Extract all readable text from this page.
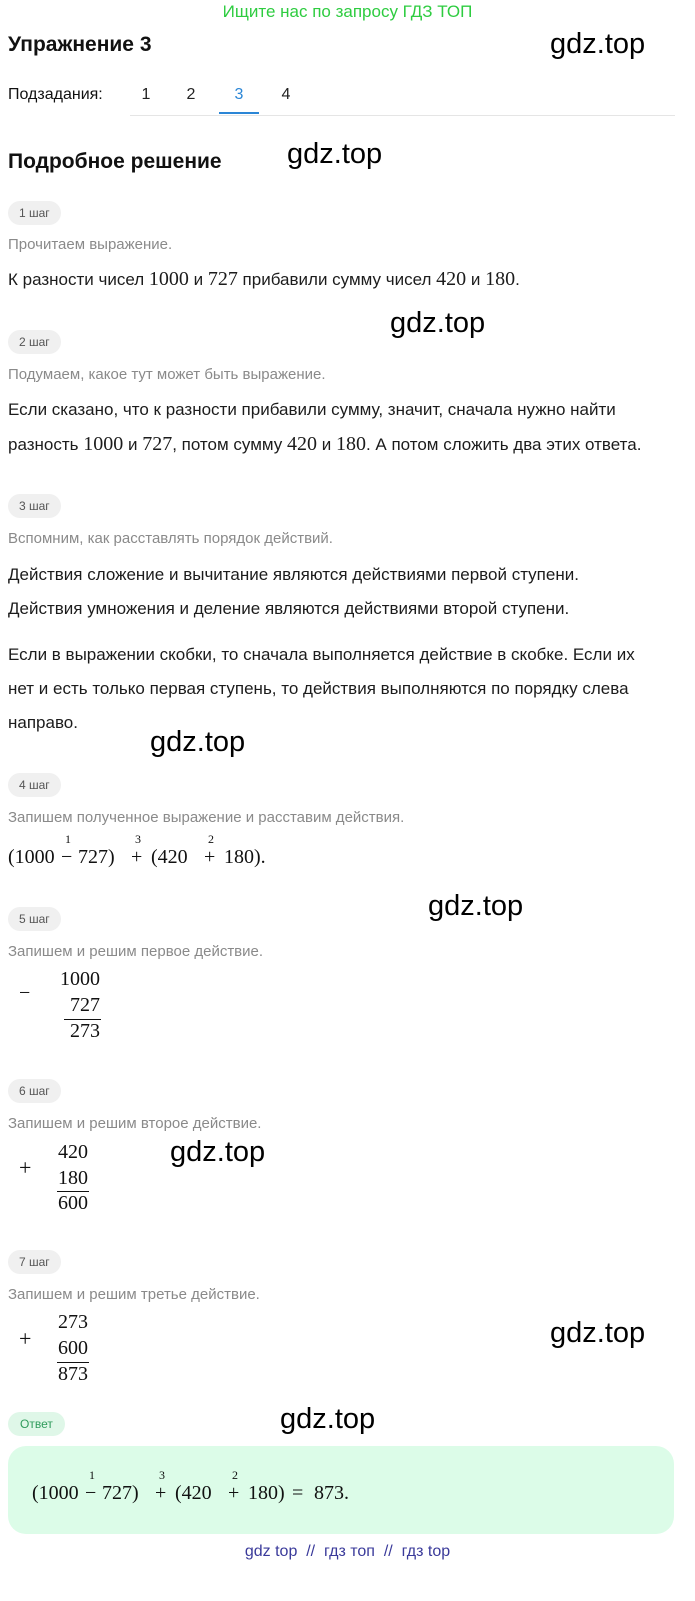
Ищите нас по запросу ГДЗ ТОП
gdz.top
gdz.top
gdz.top
gdz.top
gdz.top
gdz.top
gdz.top
gdz.top
Упражнение 3
Подзадания:	1	2	3	4
Подробное решение
1 шаг
Прочитаем выражение.
К разности чисел 1000 и 727 прибавили сумму чисел 420 и 180.
2 шаг
Подумаем, какое тут может быть выражение.
Если сказано, что к разности прибавили сумму, значит, сначала нужно найти
разность 1000 и 727, потом сумму 420 и 180. А потом сложить два этих ответа.
3 шаг
Вспомним, как расставлять порядок действий.
Действия сложение и вычитание являются действиями первой ступени.
Действия умножения и деление являются действиями второй ступени.
Если в выражении скобки, то сначала выполняется действие в скобке. Если их
нет и есть только первая ступень, то действия выполняются по порядку слева
направо.
4 шаг
Запишем полученное выражение и расставим действия.
(1000 −
1
727) +
3
(420 +
2
180).
5 шаг
Запишем и решим первое действие.
−
1000
727
273
6 шаг
Запишем и решим второе действие.
+
420
180
600
7 шаг
Запишем и решим третье действие.
+
273
600
873
Ответ
(1000 −
1
727) +
3
(420 +
2
180) = 873.
gdz top // гдз топ // гдз top
